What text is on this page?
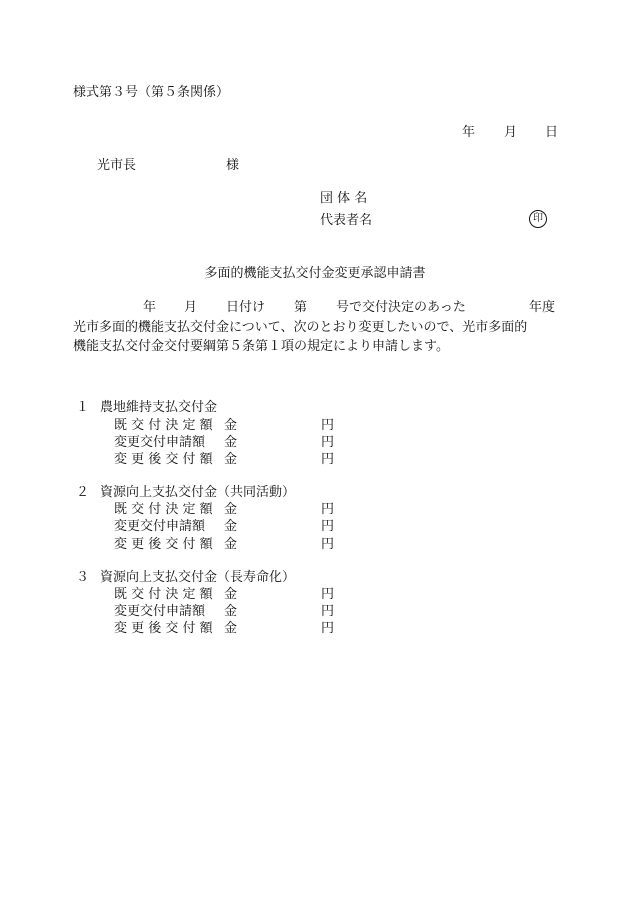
様式第３号（第５条関係）
年 月 日
光市長	様
団 体 名
代表者名	印
多面的機能支払交付金変更承認申請書
年 月 日付け 第 号で交付決定のあった	年度
光市多面的機能支払交付金について、次のとおり変更したいので、光市多面的
機能支払交付金交付要綱第５条第１項の規定により申請します。
１ 農地維持支払交付金
既 交 付 決 定 額 金	円
変更交付申請額 金	円
変 更 後 交 付 額 金	円
２ 資源向上支払交付金（共同活動）
既 交 付 決 定 額 金	円
変更交付申請額 金	円
変 更 後 交 付 額 金	円
３ 資源向上支払交付金（長寿命化）
既 交 付 決 定 額 金	円
変更交付申請額 金	円
変 更 後 交 付 額 金	円
